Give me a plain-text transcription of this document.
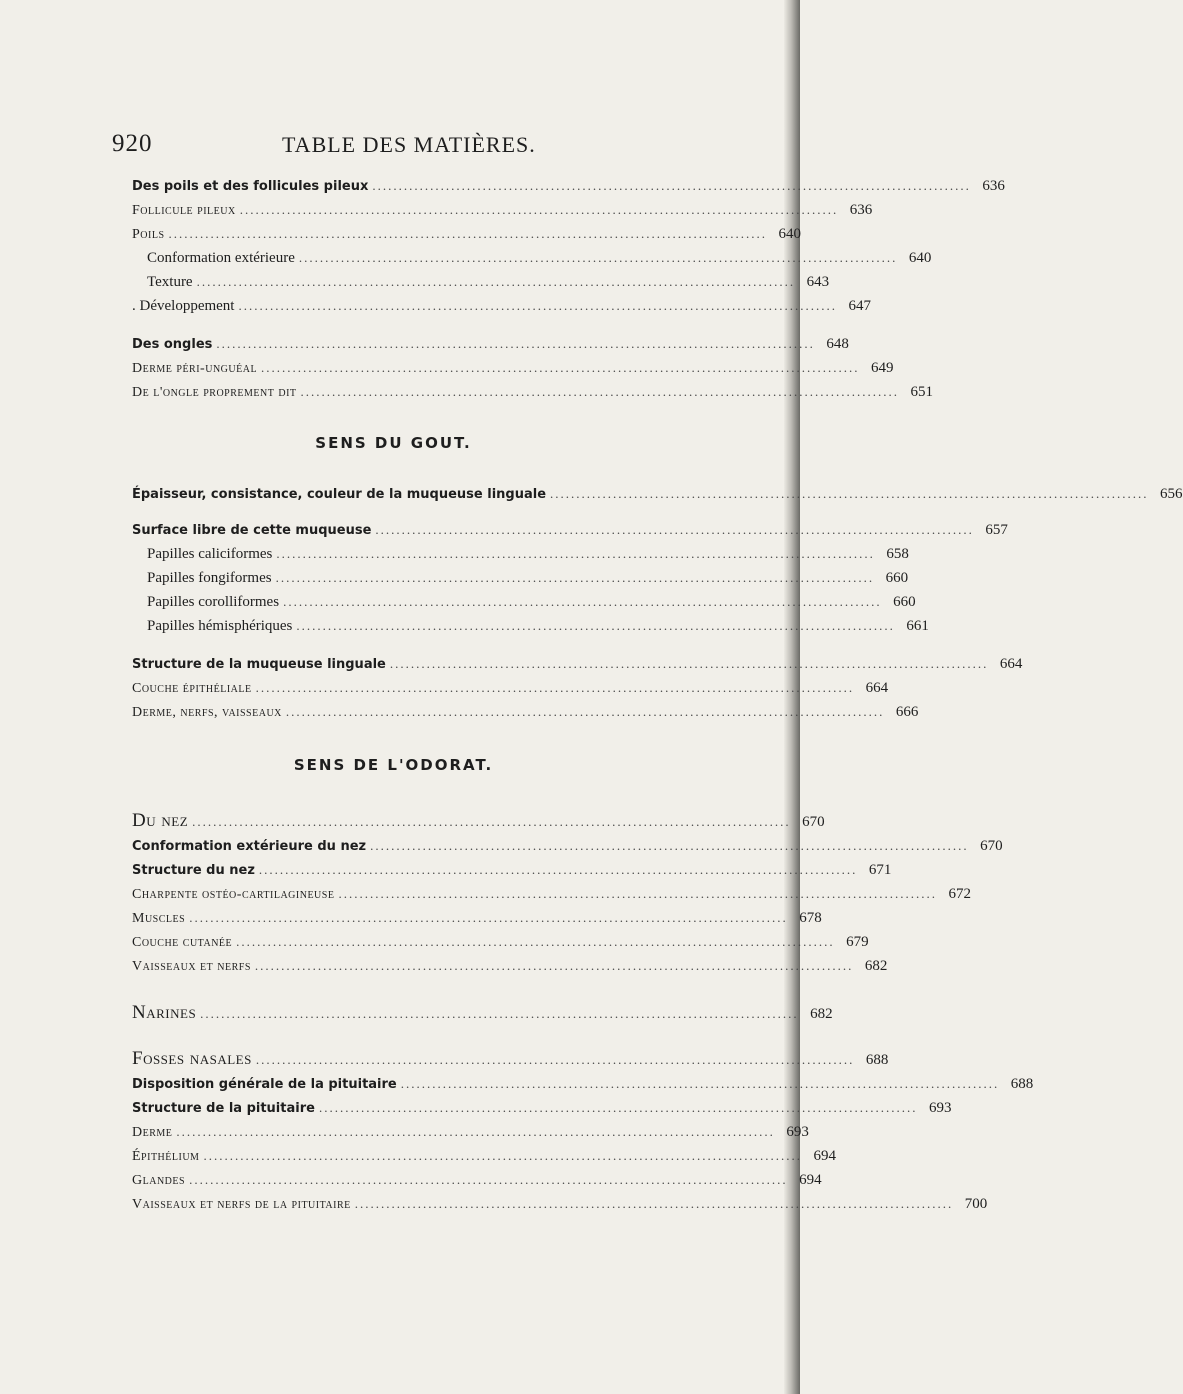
920	TABLE DES MATIÈRES.
Des poils et des follicules pileux .................................................................................................................. 636
Follicule pileux .................................................................................................................. 636
Poils .................................................................................................................. 640
Conformation extérieure .................................................................................................................. 640
Texture .................................................................................................................. 643
. Développement .................................................................................................................. 647
Des ongles .................................................................................................................. 648
Derme péri-unguéal .................................................................................................................. 649
De l'ongle proprement dit .................................................................................................................. 651
SENS DU GOUT.
Épaisseur, consistance, couleur de la muqueuse linguale .................................................................................................................. 656
Surface libre de cette muqueuse .................................................................................................................. 657
Papilles caliciformes .................................................................................................................. 658
Papilles fongiformes .................................................................................................................. 660
Papilles corolliformes .................................................................................................................. 660
Papilles hémisphériques .................................................................................................................. 661
Structure de la muqueuse linguale .................................................................................................................. 664
Couche épithéliale .................................................................................................................. 664
Derme, nerfs, vaisseaux .................................................................................................................. 666
SENS DE L'ODORAT.
Du nez .................................................................................................................. 670
Conformation extérieure du nez .................................................................................................................. 670
Structure du nez .................................................................................................................. 671
Charpente ostéo-cartilagineuse .................................................................................................................. 672
Muscles .................................................................................................................. 678
Couche cutanée .................................................................................................................. 679
Vaisseaux et nerfs .................................................................................................................. 682
Narines .................................................................................................................. 682
Fosses nasales .................................................................................................................. 688
Disposition générale de la pituitaire .................................................................................................................. 688
Structure de la pituitaire .................................................................................................................. 693
Derme .................................................................................................................. 693
Épithélium .................................................................................................................. 694
Glandes .................................................................................................................. 694
Vaisseaux et nerfs de la pituitaire .................................................................................................................. 700
